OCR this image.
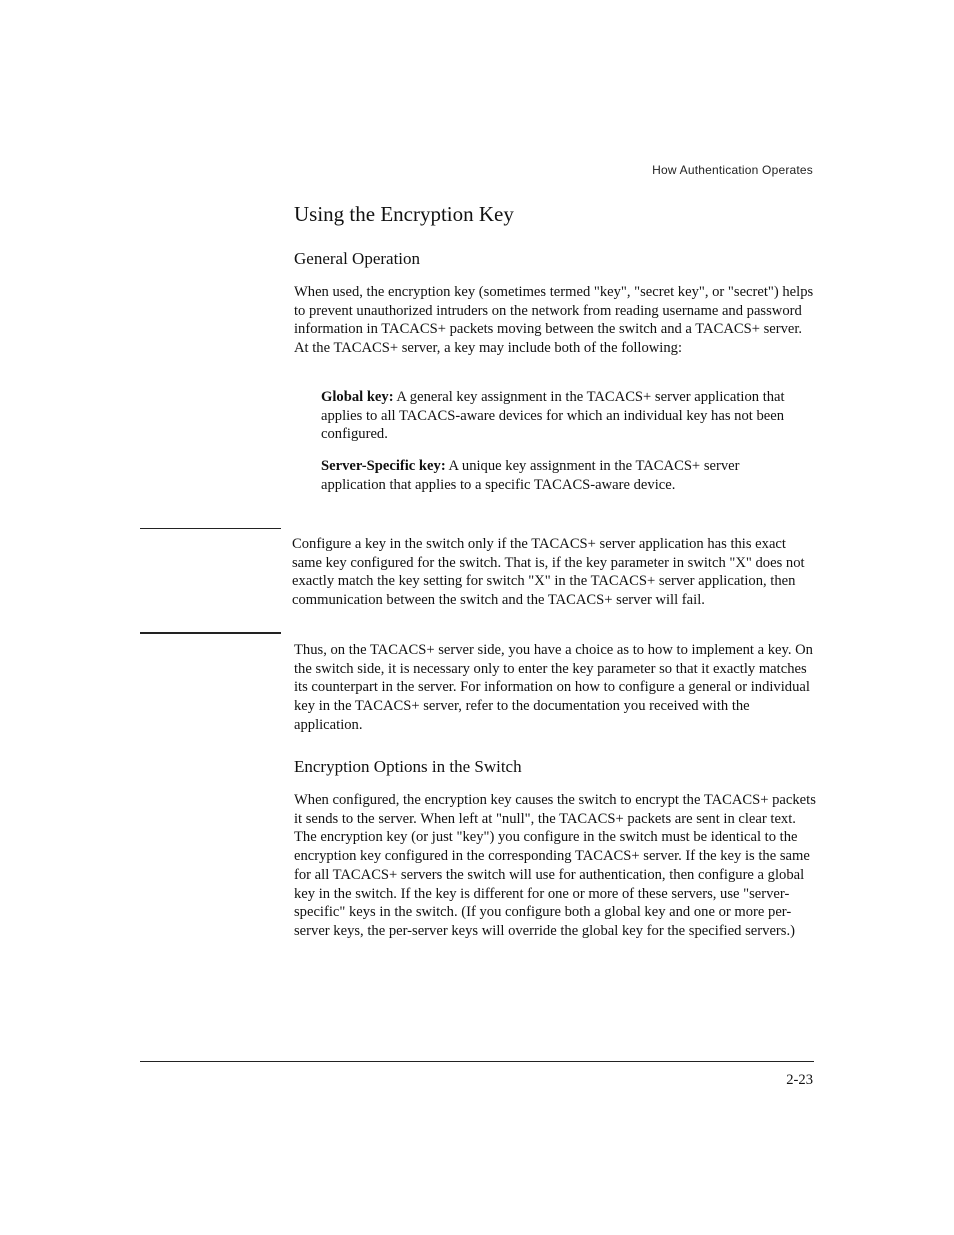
How Authentication Operates
Using the Encryption Key
General Operation

When used, the encryption key (sometimes termed "key", "secret key", or "secret") helps to prevent unauthorized intruders on the network from reading username and password information in TACACS+ packets moving between the switch and a TACACS+ server. At the TACACS+ server, a key may include both of the following:

Global key: A general key assignment in the TACACS+ server application that applies to all TACACS-aware devices for which an individual key has not been configured.

Server-Specific key: A unique key assignment in the TACACS+ server application that applies to a specific TACACS-aware device.

Configure a key in the switch only if the TACACS+ server application has this exact same key configured for the switch. That is, if the key parameter in switch "X" does not exactly match the key setting for switch "X" in the TACACS+ server application, then communication between the switch and the TACACS+ server will fail.

Thus, on the TACACS+ server side, you have a choice as to how to implement a key. On the switch side, it is necessary only to enter the key parameter so that it exactly matches its counterpart in the server. For information on how to configure a general or individual key in the TACACS+ server, refer to the documentation you received with the application.

Encryption Options in the Switch

When configured, the encryption key causes the switch to encrypt the TACACS+ packets it sends to the server. When left at "null", the TACACS+ packets are sent in clear text. The encryption key (or just "key") you configure in the switch must be identical to the encryption key configured in the corresponding TACACS+ server. If the key is the same for all TACACS+ servers the switch will use for authentication, then configure a global key in the switch. If the key is different for one or more of these servers, use "server-specific" keys in the switch. (If you configure both a global key and one or more per-server keys, the per-server keys will override the global key for the specified servers.)

2-23
